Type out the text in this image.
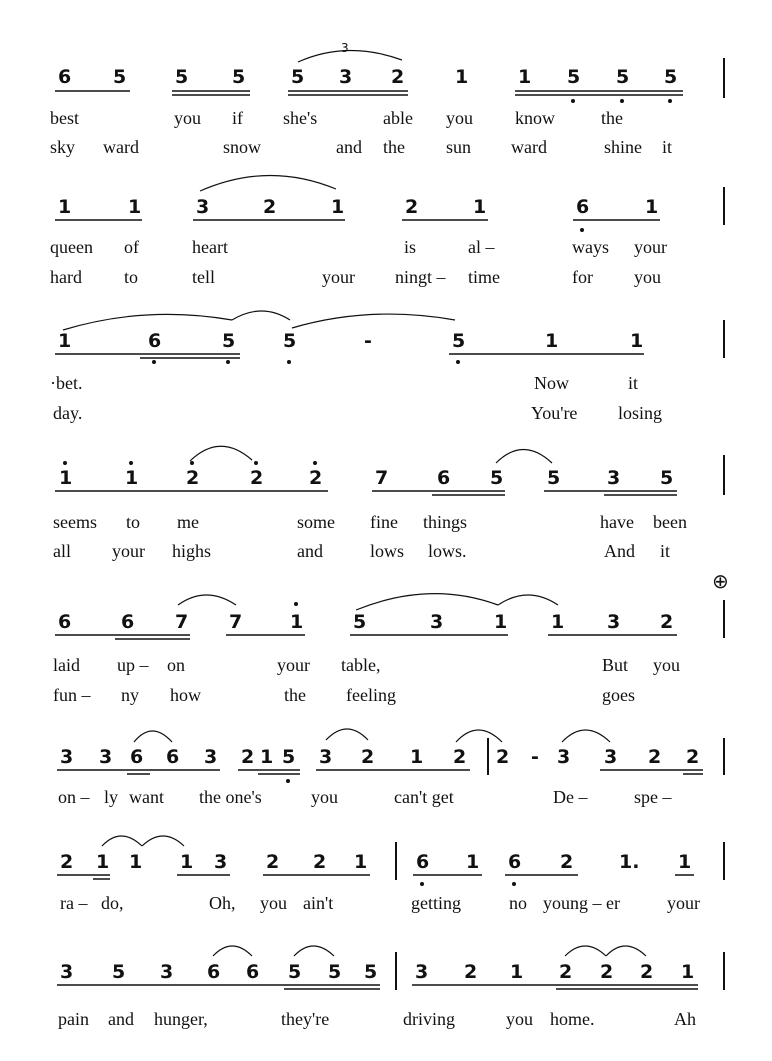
3
6 5	5 5 5 3 2	1	1 5 5 5
best	you if she's	able you know	the
sky ward	snow	and the sun ward	shine it
1	1	3	2	1	2	1	6	1
queen of	heart	is	al –	ways your
hard to	tell	your ningt – time	for you
1	6	5	5	-	5	1	1
·bet.	Now	it
day.	You're losing
1	1	2	2 2	7	6 5 5 3 5
seems to me	some fine things	have been
all your highs	and	lows lows.	And it
⊕
6	6 7 7	1	5	3	1 1 3 2
laid up – on	your table,	But you
fun – ny how	the feeling	goes
3 3 6 6 3 2 1 5 3 2 1 2 2 - 3 3 2 2
on – ly want the one's	you	can't get	De –	spe –
2 1 1 1 3 2 2 1	6 1 6 2 1. 1
ra – do,	Oh, you ain't	getting	no young – er	your
3 5 3 6 6 5 5 5 3 2 1 2 2 2 1
pain and hunger,	they're	driving	you home.	Ah
